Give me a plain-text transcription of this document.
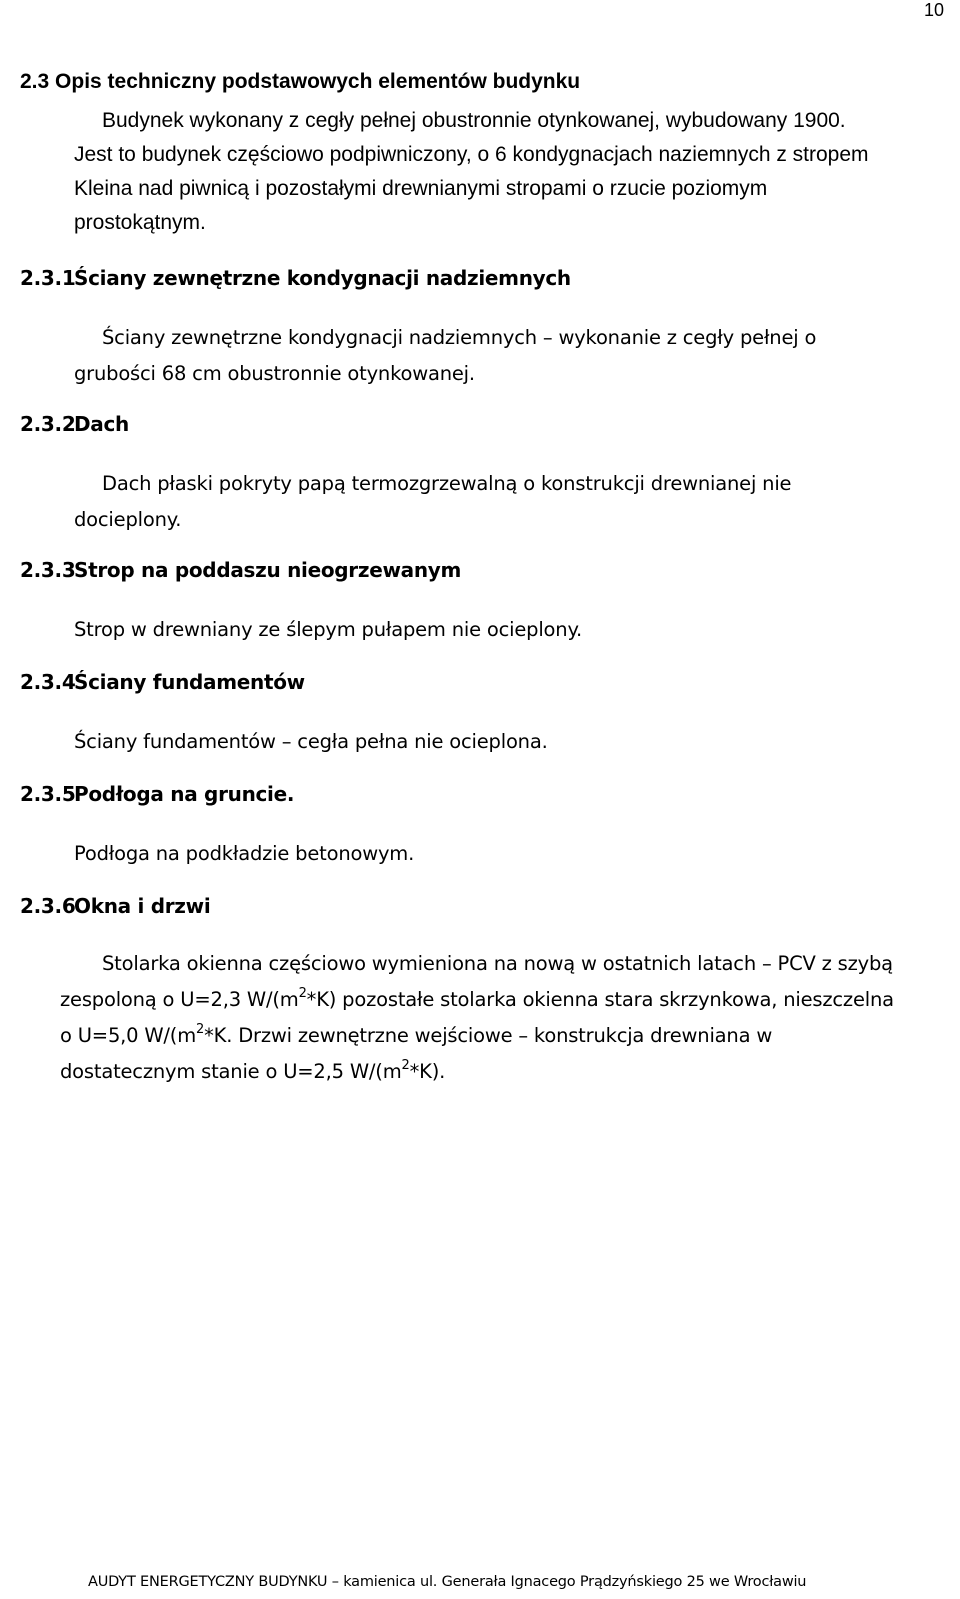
10
2.3 Opis techniczny podstawowych elementów budynku
Budynek wykonany z cegły pełnej obustronnie otynkowanej, wybudowany 1900. Jest to budynek częściowo podpiwniczony, o 6 kondygnacjach naziemnych z stropem Kleina nad piwnicą i pozostałymi drewnianymi stropami o rzucie poziomym prostokątnym.
2.3.1Ściany zewnętrzne kondygnacji nadziemnych
Ściany zewnętrzne kondygnacji nadziemnych – wykonanie z cegły pełnej o grubości 68 cm obustronnie otynkowanej.
2.3.2Dach
Dach płaski pokryty papą termozgrzewalną o konstrukcji drewnianej nie docieplony.
2.3.3Strop na poddaszu nieogrzewanym
Strop w drewniany ze ślepym pułapem nie ocieplony.
2.3.4Ściany fundamentów
Ściany fundamentów – cegła pełna nie ocieplona.
2.3.5Podłoga na gruncie.
Podłoga na podkładzie betonowym.
2.3.6Okna i drzwi
Stolarka okienna częściowo wymieniona na nową w ostatnich latach – PCV z szybą
zespoloną o U=2,3 $W/(m^2*K)$ pozostałe stolarka okienna stara skrzynkowa, nieszczelna
o U=5,0 $W/(m^2*K$. Drzwi zewnętrzne wejściowe – konstrukcja drewniana w
dostatecznym stanie o U=2,5 $W/(m^2*K)$.
AUDYT ENERGETYCZNY BUDYNKU – kamienica ul. Generała Ignacego Prądzyńskiego 25 we Wrocławiu
